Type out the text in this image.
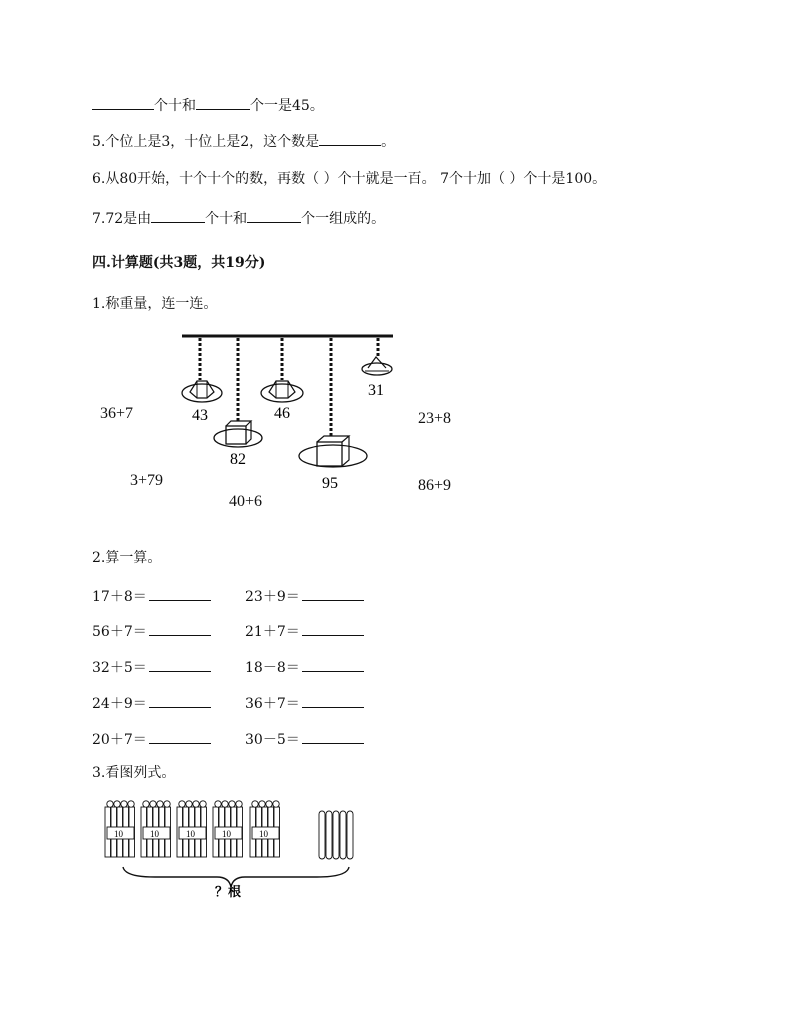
个十和	个一是45。
5.个位上是3，十位上是2，这个数是	。
6.从80开始，十个十个的数，再数（ ）个十就是一百。 7个十加（ ）个十是100。
7.72是由	个十和	个一组成的。
四.计算题(共3题，共19分)
1.称重量，连一连。
43
82
46
95
31
36+7
3+79
40+6
23+8
86+9
2.算一算。
17＋8＝	23＋9＝
56＋7＝	21＋7＝
32＋5＝	18－8＝
24＋9＝	36＋7＝
20＋7＝	30－5＝
3.看图列式。
？根
10	10	10	10	10
